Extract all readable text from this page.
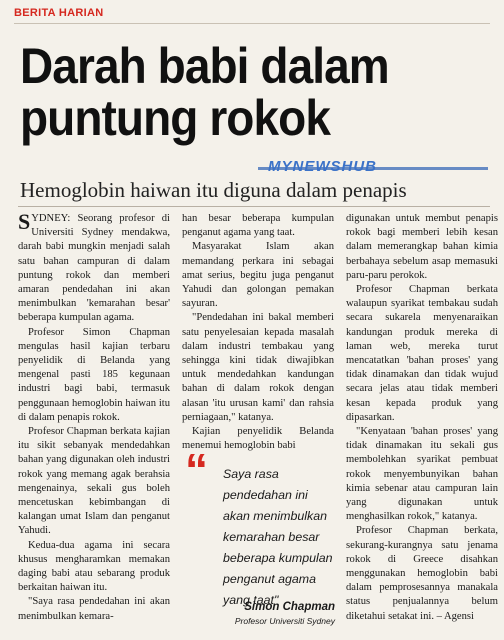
BERITA HARIAN
Darah babi dalam
puntung rokok
MYNEWSHUB
Hemoglobin haiwan itu diguna dalam penapis

SYDNEY: Seorang profesor di Universiti Sydney mendakwa, darah babi mungkin menjadi salah satu bahan campuran di dalam puntung rokok dan memberi amaran pendedahan ini akan menimbulkan 'kemarahan besar' beberapa kumpulan agama.

Profesor Simon Chapman mengulas hasil kajian terbaru penyelidik di Belanda yang mengenal pasti 185 kegunaan industri bagi babi, termasuk penggunaan hemoglobin haiwan itu di dalam penapis rokok.

Profesor Chapman berkata kajian itu sikit sebanyak mendedahkan bahan yang digunakan oleh industri rokok yang memang agak berahsia mengenainya, sekali gus boleh mencetuskan kebimbangan di kalangan umat Islam dan penganut Yahudi.

Kedua-dua agama ini secara khusus mengharamkan memakan daging babi atau sebarang produk berkaitan haiwan itu.

"Saya rasa pendedahan ini akan menimbulkan kemara-

han besar beberapa kumpulan penganut agama yang taat.

Masyarakat Islam akan memandang perkara ini sebagai amat serius, begitu juga penganut Yahudi dan golongan pemakan sayuran.

"Pendedahan ini bakal memberi satu penyelesaian kepada masalah dalam industri tembakau yang sehingga kini tidak diwajibkan untuk mendedahkan kandungan bahan di dalam rokok dengan alasan 'itu urusan kami' dan rahsia perniagaan," katanya.

Kajian penyelidik Belanda menemui hemoglobin babi

“ Saya rasa pendedahan ini akan menimbulkan kemarahan besar beberapa kumpulan penganut agama yang taat"
Simon Chapman
Profesor Universiti Sydney

digunakan untuk membut penapis rokok bagi memberi lebih kesan dalam memerangkap bahan kimia berbahaya sebelum asap memasuki paru-paru perokok.

Profesor Chapman berkata walaupun syarikat tembakau sudah secara sukarela menyenaraikan kandungan produk mereka di laman web, mereka turut mencatatkan 'bahan proses' yang tidak dinamakan dan tidak wujud secara jelas atau tidak memberi kesan kepada produk yang dipasarkan.

"Kenyataan 'bahan proses' yang tidak dinamakan itu sekali gus membolehkan syarikat pembuat rokok menyembunyikan bahan kimia sebenar atau campuran lain yang digunakan untuk menghasilkan rokok," katanya.

Profesor Chapman berkata, sekurang-kurangnya satu jenama rokok di Greece disahkan menggunakan hemoglobin babi dalam pemprosesannya manakala status penjualannya belum diketahui setakat ini. – Agensi
